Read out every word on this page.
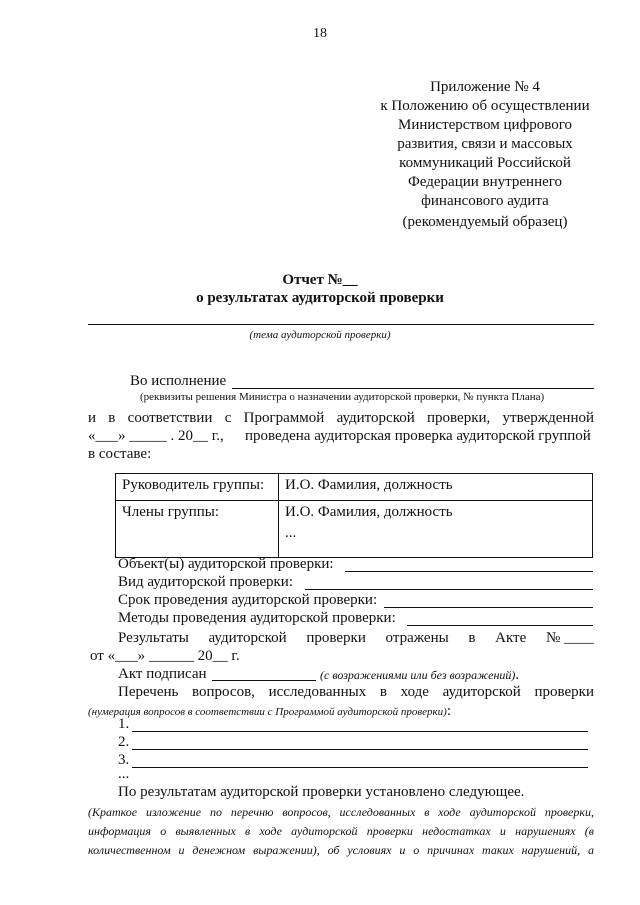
18
Приложение № 4
к Положению об осуществлении
Министерством цифрового
развития, связи и массовых
коммуникаций Российской
Федерации внутреннего
финансового аудита
(рекомендуемый образец)
Отчет №__
о результатах аудиторской проверки
(тема аудиторской проверки)
Во исполнение
(реквизиты решения Министра о назначении аудиторской проверки, № пункта Плана)
и в соответствии с Программой аудиторской проверки, утвержденной
«___» _____ . 20__ г., проведена аудиторская проверка аудиторской группой
в составе:
Руководитель группы:	И.О. Фамилия, должность
Члены группы:	И.О. Фамилия, должность
...
Объект(ы) аудиторской проверки:
Вид аудиторской проверки:
Срок проведения аудиторской проверки:
Методы проведения аудиторской проверки:
Результаты аудиторской проверки отражены в Акте № ____
от «___» ______ 20__ г.
Акт подписан	(с возражениями или без возражений).
Перечень вопросов, исследованных в ходе аудиторской проверки
(нумерация вопросов в соответствии с Программой аудиторской проверки):
1.
2.
3.
...
По результатам аудиторской проверки установлено следующее.
(Краткое изложение по перечню вопросов, исследованных в ходе аудиторской проверки,
информация о выявленных в ходе аудиторской проверки недостатках и нарушениях (в
количественном и денежном выражении), об условиях и о причинах таких нарушений, а
